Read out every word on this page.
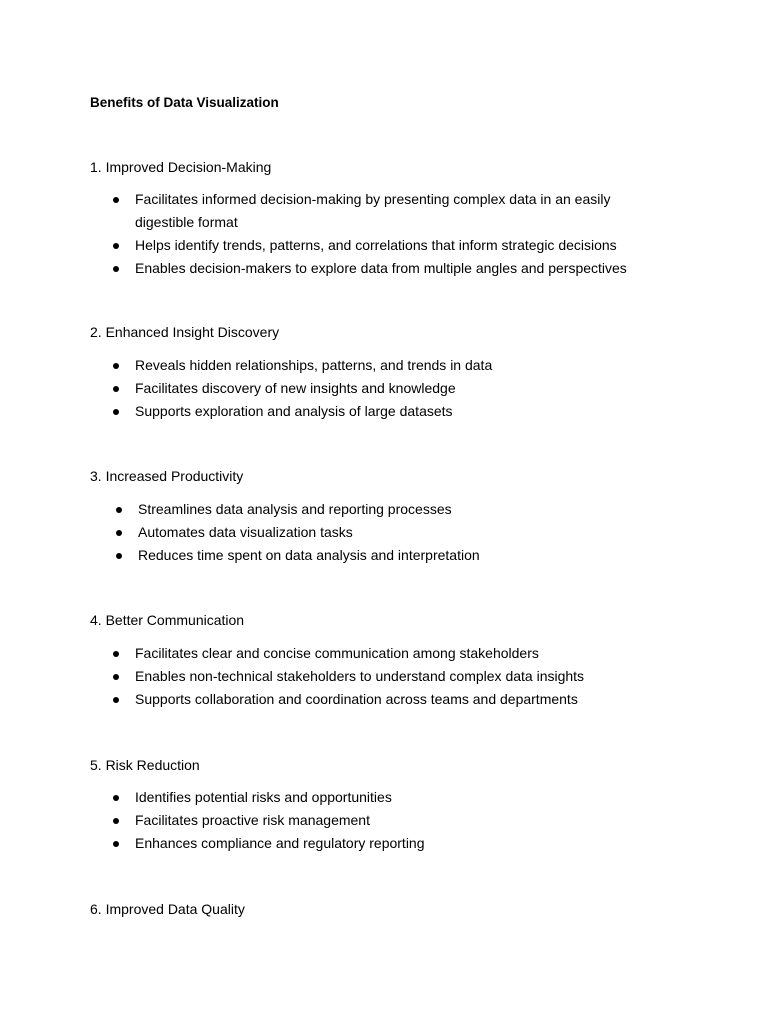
Benefits of Data Visualization

1. Improved Decision-Making

Facilitates informed decision-making by presenting complex data in an easily digestible format
Helps identify trends, patterns, and correlations that inform strategic decisions
Enables decision-makers to explore data from multiple angles and perspectives

2. Enhanced Insight Discovery

Reveals hidden relationships, patterns, and trends in data
Facilitates discovery of new insights and knowledge
Supports exploration and analysis of large datasets

3. Increased Productivity

Streamlines data analysis and reporting processes
Automates data visualization tasks
Reduces time spent on data analysis and interpretation

4. Better Communication

Facilitates clear and concise communication among stakeholders
Enables non-technical stakeholders to understand complex data insights
Supports collaboration and coordination across teams and departments

5. Risk Reduction

Identifies potential risks and opportunities
Facilitates proactive risk management
Enhances compliance and regulatory reporting

6. Improved Data Quality
